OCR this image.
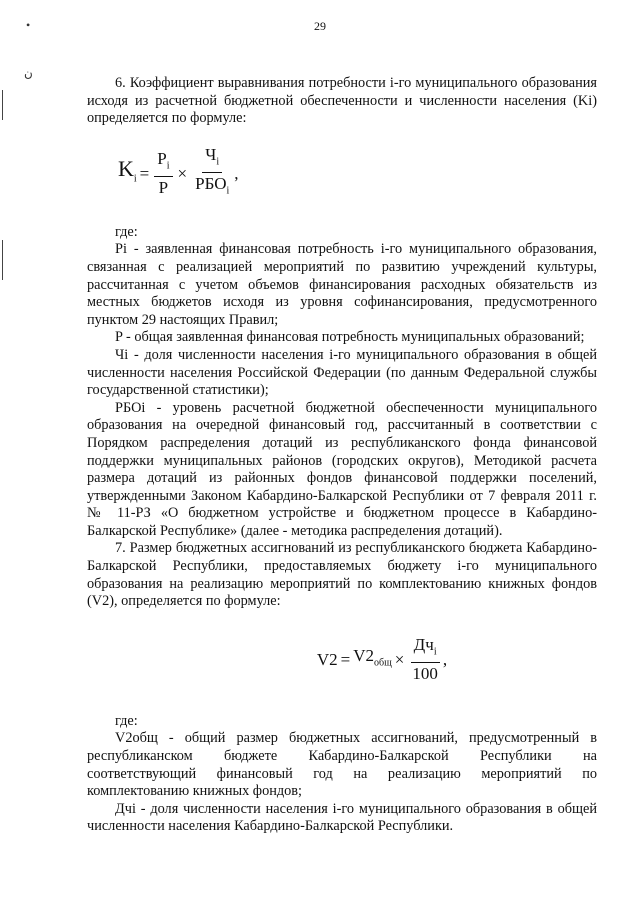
29
•
ن

6. Коэффициент выравнивания потребности i-го муниципального образования исходя из расчетной бюджетной обеспеченности и численности населения (Ki) определяется по формуле:

$K_i = \frac{P_i}{P} \times \frac{Ч_i}{РБО_i}$ ,

где:

Pi - заявленная финансовая потребность i-го муниципального образования, связанная с реализацией мероприятий по развитию учреждений культуры, рассчитанная с учетом объемов финансирования расходных обязательств из местных бюджетов исходя из уровня софинансирования, предусмотренного пунктом 29 настоящих Правил;

P - общая заявленная финансовая потребность муниципальных образований;

Чi - доля численности населения i-го муниципального образования в общей численности населения Российской Федерации (по данным Федеральной службы государственной статистики);

РБОi - уровень расчетной бюджетной обеспеченности муниципального образования на очередной финансовый год, рассчитанный в соответствии с Порядком распределения дотаций из республиканского фонда финансовой поддержки муниципальных районов (городских округов), Методикой расчета размера дотаций из районных фондов финансовой поддержки поселений, утвержденными Законом Кабардино-Балкарской Республики от 7 февраля 2011 г. № 11-РЗ «О бюджетном устройстве и бюджетном процессе в Кабардино-Балкарской Республике» (далее - методика распределения дотаций).

7. Размер бюджетных ассигнований из республиканского бюджета Кабардино-Балкарской Республики, предоставляемых бюджету i-го муниципального образования на реализацию мероприятий по комплектованию книжных фондов (V2), определяется по формуле:

$V2 = V2_{общ} \times \frac{Дч_i}{100}$ ,

где:

V2общ - общий размер бюджетных ассигнований, предусмотренный в республиканском бюджете Кабардино-Балкарской Республики на соответствующий финансовый год на реализацию мероприятий по комплектованию книжных фондов;

Дчi - доля численности населения i-го муниципального образования в общей численности населения Кабардино-Балкарской Республики.
